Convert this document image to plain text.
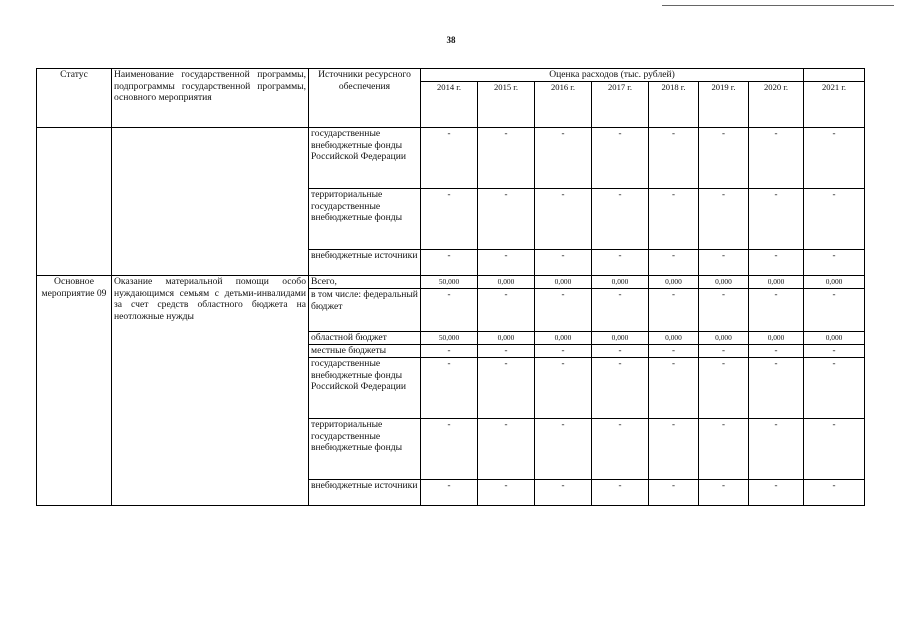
38
Статус	Наименование государственной программы, подпрограммы государственной программы, основного мероприятия	Источники ресурсного обеспечения	Оценка расходов (тыс. рублей)							
			2014 г.	2015 г.	2016 г.	2017 г.	2018 г.	2019 г.	2020 г.	2021 г.
		государственные внебюджетные фонды Российской Федерации	-	-	-	-	-	-	-	-
		территориальные государственные внебюджетные фонды	-	-	-	-	-	-	-	-
		внебюджетные источники	-	-	-	-	-	-	-	-
Основное мероприятие 09	Оказание материальной помощи особо нуждающимся семьям с детьми-инвалидами за счет средств областного бюджета на неотложные нужды	Всего,	50,000	0,000	0,000	0,000	0,000	0,000	0,000	0,000
		в том числе: федеральный бюджет	-	-	-	-	-	-	-	-
		областной бюджет	50,000	0,000	0,000	0,000	0,000	0,000	0,000	0,000
		местные бюджеты	-	-	-	-	-	-	-	-
		государственные внебюджетные фонды Российской Федерации	-	-	-	-	-	-	-	-
		территориальные государственные внебюджетные фонды	-	-	-	-	-	-	-	-
		внебюджетные источники	-	-	-	-	-	-	-	-
